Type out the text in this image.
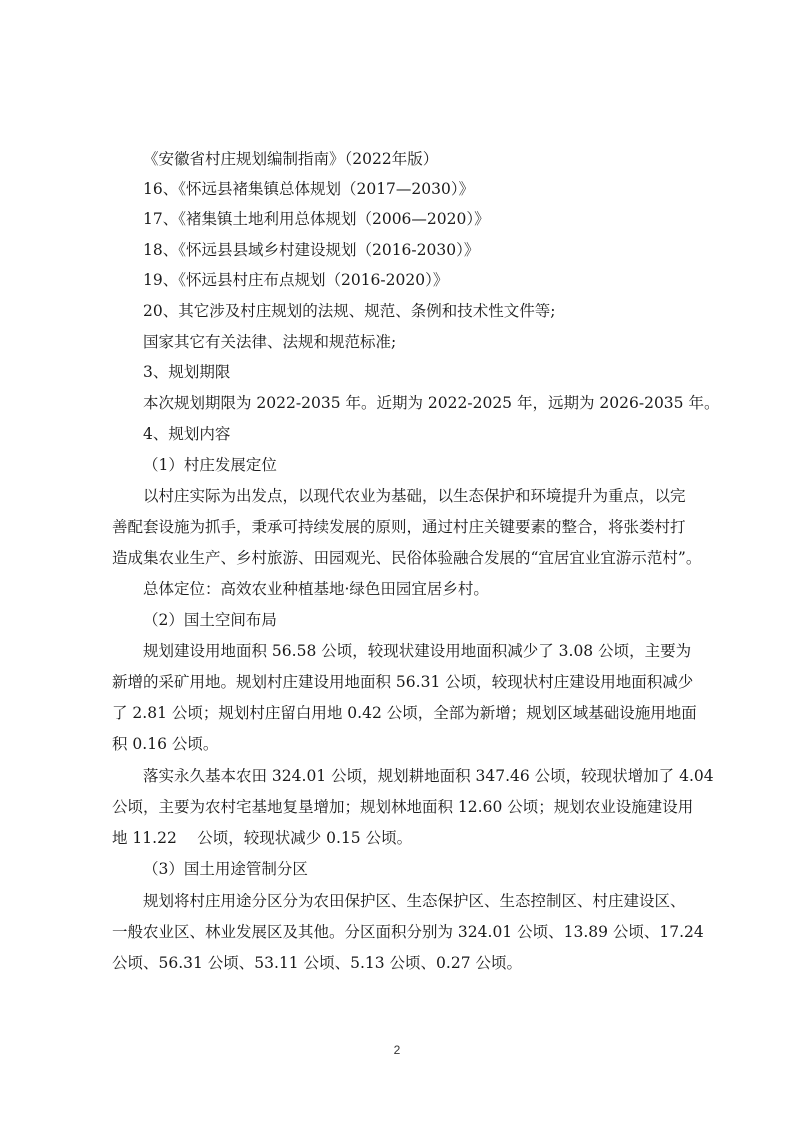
《安徽省村庄规划编制指南》（2022年版）
16、《怀远县褚集镇总体规划（2017—2030）》
17、《褚集镇土地利用总体规划（2006—2020）》
18、《怀远县县域乡村建设规划（2016-2030）》
19、《怀远县村庄布点规划（2016-2020）》
20、其它涉及村庄规划的法规、规范、条例和技术性文件等;
国家其它有关法律、法规和规范标准;
3、规划期限
本次规划期限为 2022-2035 年。近期为 2022-2025 年，远期为 2026-2035 年。
4、规划内容
（1）村庄发展定位
以村庄实际为出发点，以现代农业为基础，以生态保护和环境提升为重点，以完
善配套设施为抓手，秉承可持续发展的原则，通过村庄关键要素的整合，将张娄村打
造成集农业生产、乡村旅游、田园观光、民俗体验融合发展的“宜居宜业宜游示范村”。
总体定位：高效农业种植基地·绿色田园宜居乡村。
（2）国土空间布局
规划建设用地面积 56.58 公顷，较现状建设用地面积减少了 3.08 公顷，主要为
新增的采矿用地。规划村庄建设用地面积 56.31 公顷，较现状村庄建设用地面积减少
了 2.81 公顷；规划村庄留白用地 0.42 公顷，全部为新增；规划区域基础设施用地面
积 0.16 公顷。
落实永久基本农田 324.01 公顷，规划耕地面积 347.46 公顷，较现状增加了 4.04
公顷，主要为农村宅基地复垦增加；规划林地面积 12.60 公顷；规划农业设施建设用
地 11.22　 公顷，较现状减少 0.15 公顷。
（3）国土用途管制分区
规划将村庄用途分区分为农田保护区、生态保护区、生态控制区、村庄建设区、
一般农业区、林业发展区及其他。分区面积分别为 324.01 公顷、13.89 公顷、17.24
公顷、56.31 公顷、53.11 公顷、5.13 公顷、0.27 公顷。
2
